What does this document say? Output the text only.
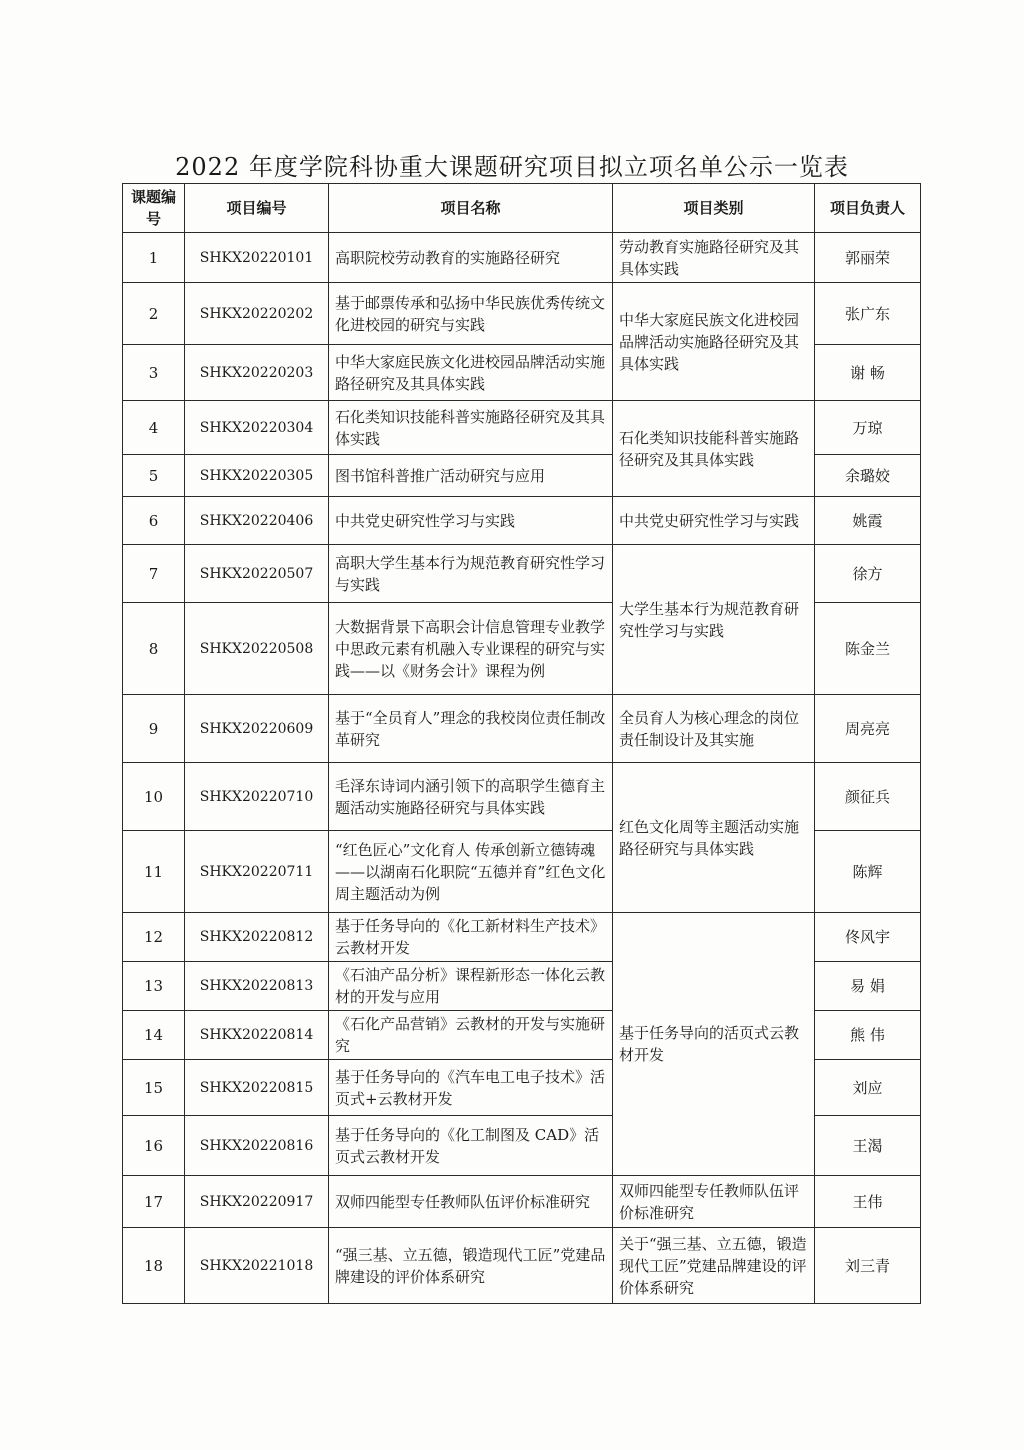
2022 年度学院科协重大课题研究项目拟立项名单公示一览表
课题编号	项目编号	项目名称	项目类别	项目负责人
1	SHKX20220101	高职院校劳动教育的实施路径研究	劳动教育实施路径研究及其具体实践	郭丽荣
2	SHKX20220202	基于邮票传承和弘扬中华民族优秀传统文化进校园的研究与实践	中华大家庭民族文化进校园品牌活动实施路径研究及其具体实践	张广东
3	SHKX20220203	中华大家庭民族文化进校园品牌活动实施路径研究及其具体实践		谢 畅
4	SHKX20220304	石化类知识技能科普实施路径研究及其具体实践	石化类知识技能科普实施路径研究及其具体实践	万琼
5	SHKX20220305	图书馆科普推广活动研究与应用		余璐姣
6	SHKX20220406	中共党史研究性学习与实践	中共党史研究性学习与实践	姚霞
7	SHKX20220507	高职大学生基本行为规范教育研究性学习与实践	大学生基本行为规范教育研究性学习与实践	徐方
8	SHKX20220508	大数据背景下高职会计信息管理专业教学中思政元素有机融入专业课程的研究与实践——以《财务会计》课程为例		陈金兰
9	SHKX20220609	基于“全员育人”理念的我校岗位责任制改革研究	全员育人为核心理念的岗位责任制设计及其实施	周亮亮
10	SHKX20220710	毛泽东诗词内涵引领下的高职学生德育主题活动实施路径研究与具体实践	红色文化周等主题活动实施路径研究与具体实践	颜征兵
11	SHKX20220711	“红色匠心”文化育人 传承创新立德铸魂——以湖南石化职院“五德并育”红色文化周主题活动为例		陈辉
12	SHKX20220812	基于任务导向的《化工新材料生产技术》云教材开发	基于任务导向的活页式云教材开发	佟风宇
13	SHKX20220813	《石油产品分析》课程新形态一体化云教材的开发与应用		易 娟
14	SHKX20220814	《石化产品营销》云教材的开发与实施研究		熊 伟
15	SHKX20220815	基于任务导向的《汽车电工电子技术》活页式+云教材开发		刘应
16	SHKX20220816	基于任务导向的《化工制图及 CAD》活页式云教材开发		王渴
17	SHKX20220917	双师四能型专任教师队伍评价标准研究	双师四能型专任教师队伍评价标准研究	王伟
18	SHKX20221018	“强三基、立五德，锻造现代工匠”党建品牌建设的评价体系研究	关于“强三基、立五德，锻造现代工匠”党建品牌建设的评价体系研究	刘三青
